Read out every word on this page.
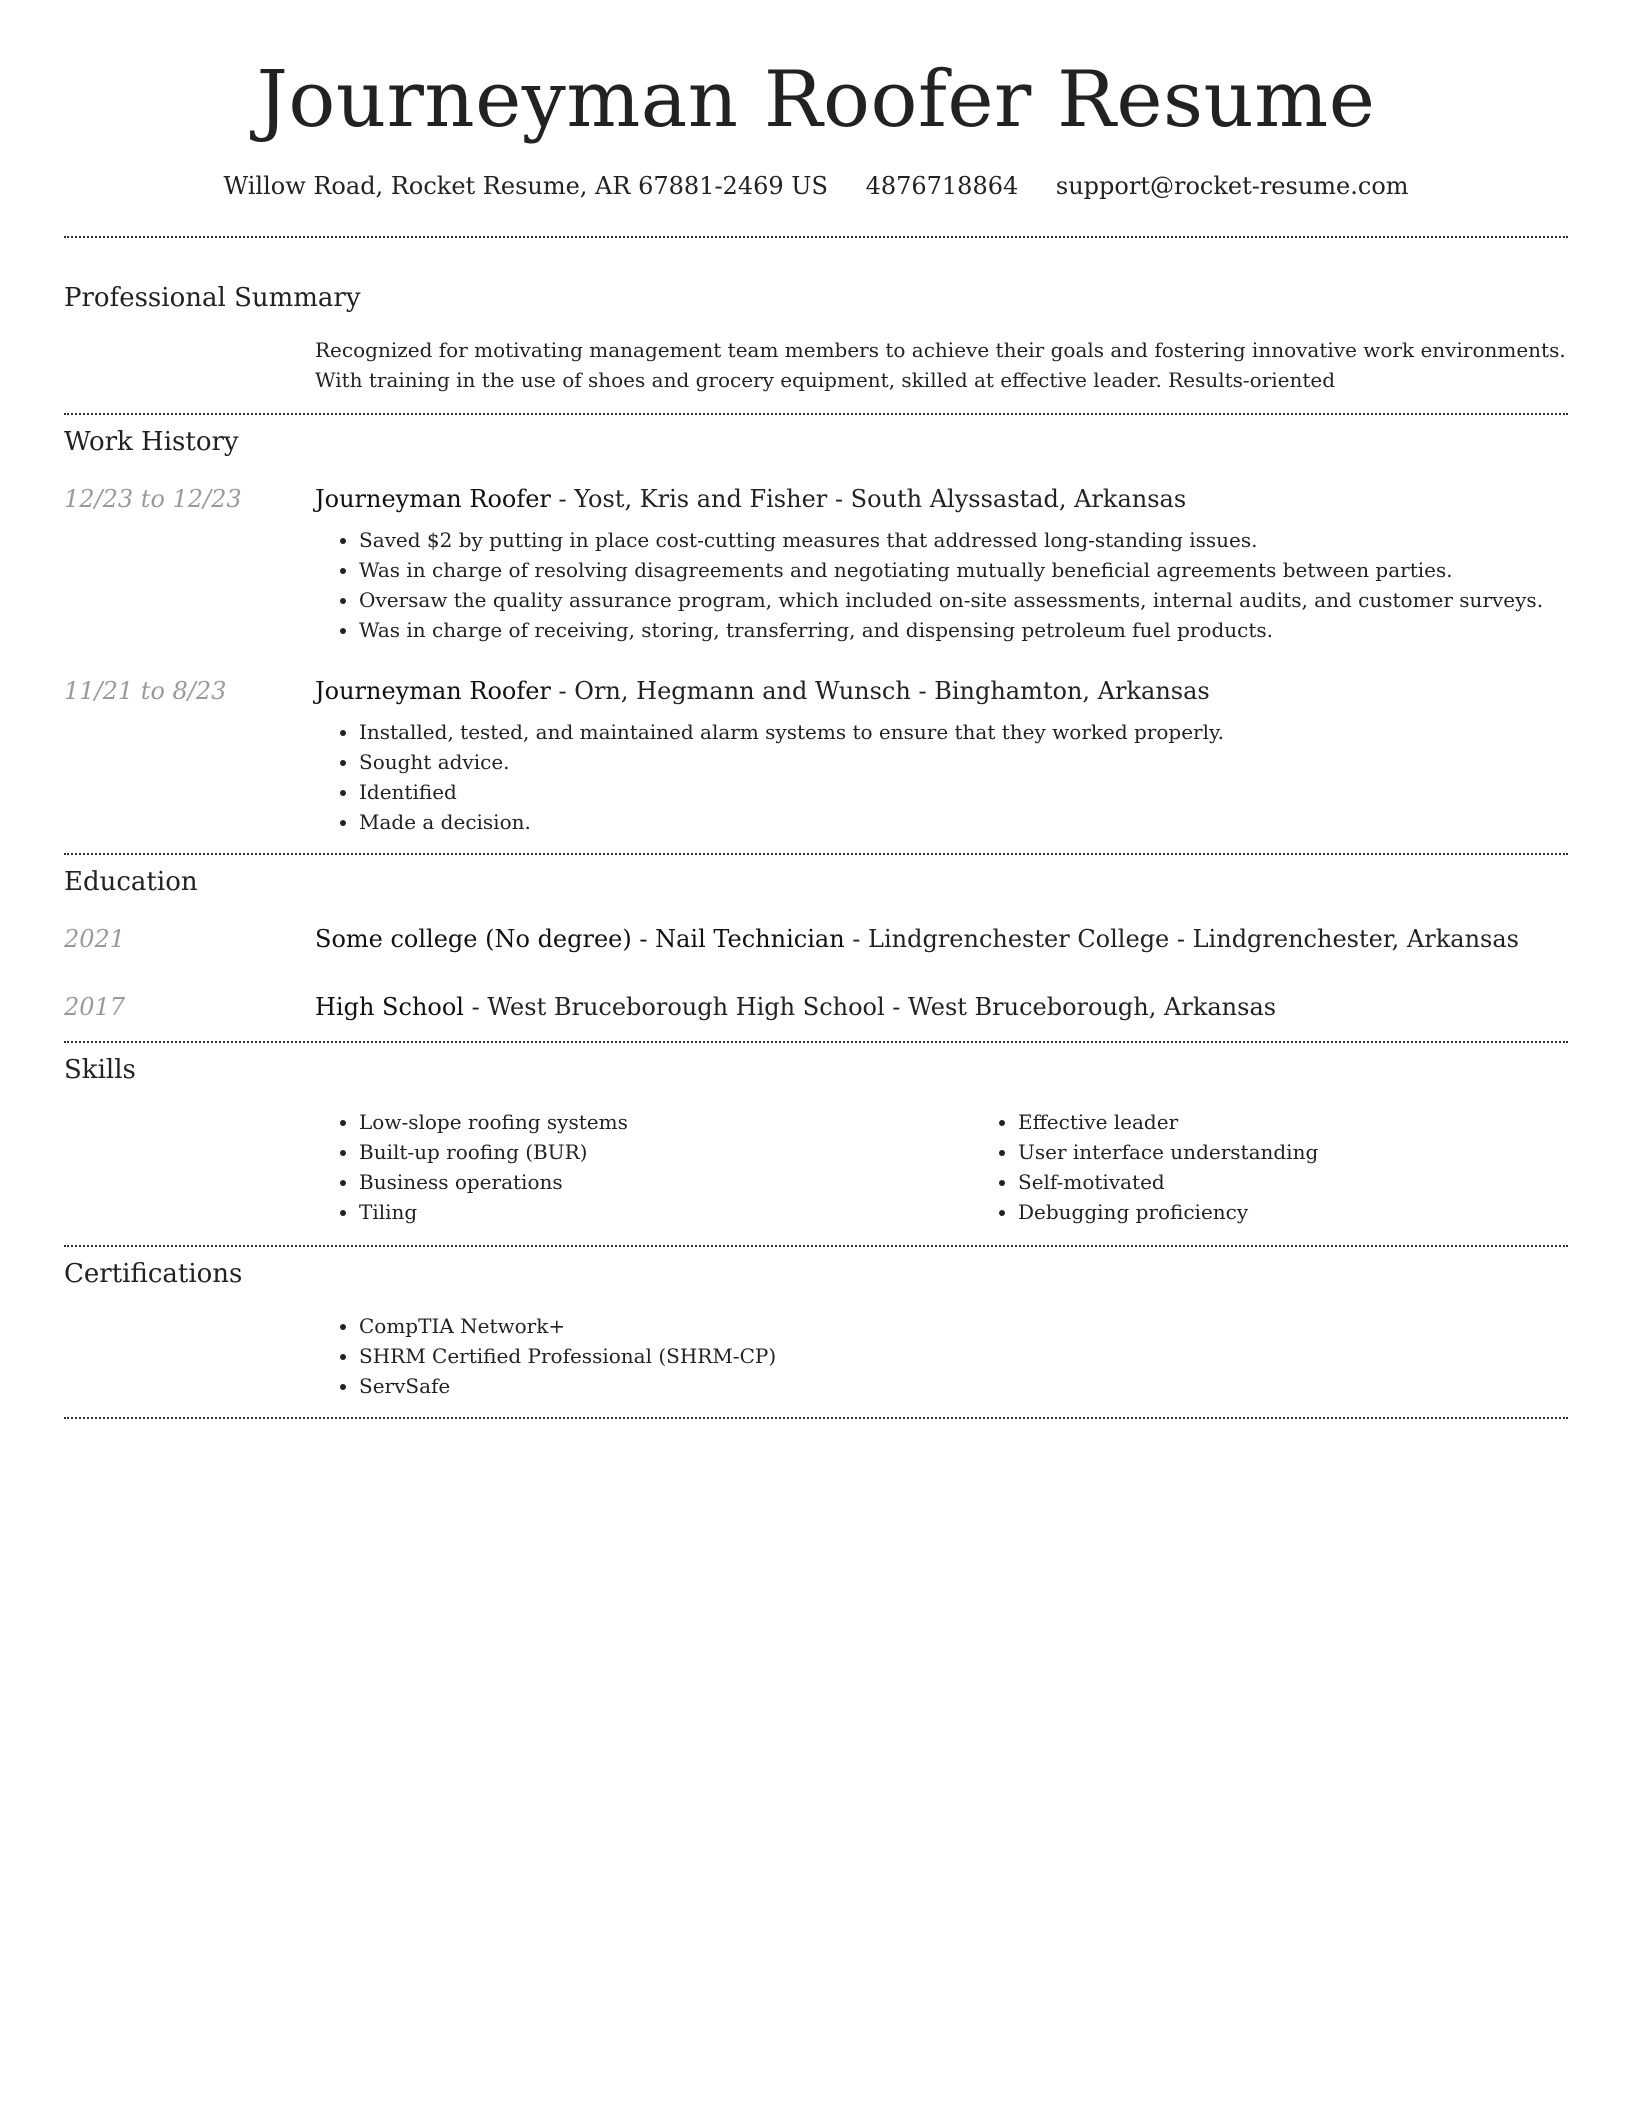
Journeyman Roofer Resume
Willow Road, Rocket Resume, AR 67881-2469 US 4876718864 support@rocket-resume.com
Professional Summary
Recognized for motivating management team members to achieve their goals and fostering innovative work environments. With training in the use of shoes and grocery equipment, skilled at effective leader. Results-oriented
Work History
12/23 to 12/23	Journeyman Roofer - Yost, Kris and Fisher - South Alyssastad, Arkansas
• Saved $2 by putting in place cost-cutting measures that addressed long-standing issues.
• Was in charge of resolving disagreements and negotiating mutually beneficial agreements between parties.
• Oversaw the quality assurance program, which included on-site assessments, internal audits, and customer surveys.
• Was in charge of receiving, storing, transferring, and dispensing petroleum fuel products.
11/21 to 8/23	Journeyman Roofer - Orn, Hegmann and Wunsch - Binghamton, Arkansas
• Installed, tested, and maintained alarm systems to ensure that they worked properly.
• Sought advice.
• Identified
• Made a decision.
Education
2021	Some college (No degree) - Nail Technician - Lindgrenchester College - Lindgrenchester, Arkansas
2017	High School - West Bruceborough High School - West Bruceborough, Arkansas
Skills
• Low-slope roofing systems
• Built-up roofing (BUR)
• Business operations
• Tiling
• Effective leader
• User interface understanding
• Self-motivated
• Debugging proficiency
Certifications
• CompTIA Network+
• SHRM Certified Professional (SHRM-CP)
• ServSafe
